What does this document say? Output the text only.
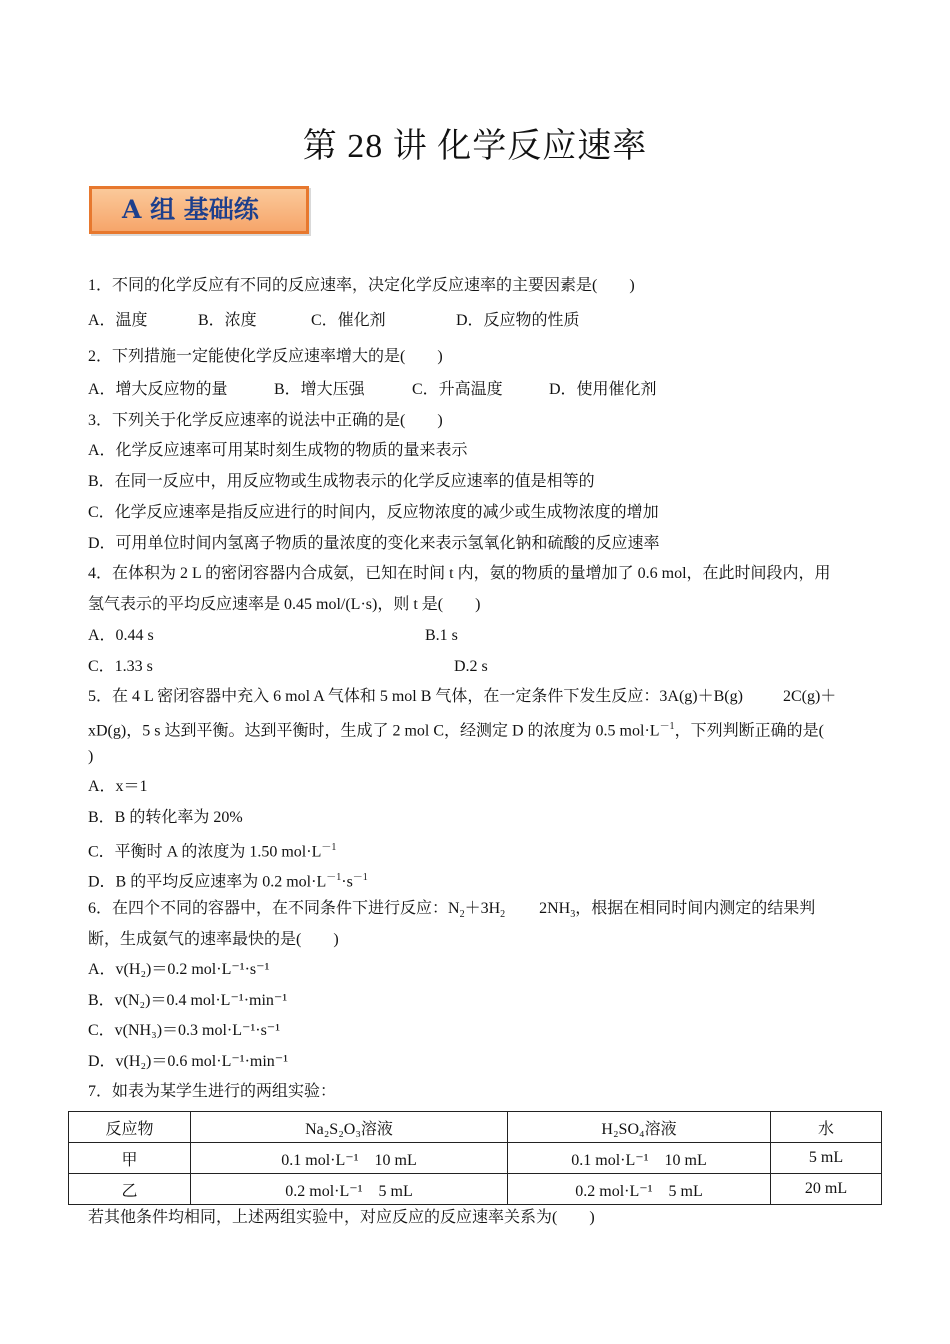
第 28 讲 化学反应速率
A 组 基础练
1．不同的化学反应有不同的反应速率，决定化学反应速率的主要因素是(　　)
A．温度	B．浓度	C．催化剂	D．反应物的性质
2．下列措施一定能使化学反应速率增大的是(　　)
A．增大反应物的量	B．增大压强	C．升高温度	D．使用催化剂
3．下列关于化学反应速率的说法中正确的是(　　)
A．化学反应速率可用某时刻生成物的物质的量来表示
B．在同一反应中，用反应物或生成物表示的化学反应速率的值是相等的
C．化学反应速率是指反应进行的时间内，反应物浓度的减少或生成物浓度的增加
D．可用单位时间内氢离子物质的量浓度的变化来表示氢氧化钠和硫酸的反应速率
4．在体积为 2 L 的密闭容器内合成氨，已知在时间 t 内，氨的物质的量增加了 0.6 mol，在此时间段内，用
氢气表示的平均反应速率是 0.45 mol/(L·s)，则 t 是(　　)
A．0.44 s	B.1 s
C．1.33 s	D.2 s
5．在 4 L 密闭容器中充入 6 mol A 气体和 5 mol B 气体，在一定条件下发生反应：3A(g)＋B(g)	2C(g)＋
xD(g)，5 s 达到平衡。达到平衡时，生成了 2 mol C，经测定 D 的浓度为 0.5 $mol\cdot L^{-1}$，下列判断正确的是(
)
A．x＝1
B．B 的转化率为 20%
C．平衡时 A 的浓度为 1.50 $mol\cdot L^{-1}$
D．B 的平均反应速率为 0.2 $mol\cdot L^{-1}\cdot s^{-1}$
6．在四个不同的容器中，在不同条件下进行反应：$N_2+3H_2$ $2NH_3$，根据在相同时间内测定的结果判
断，生成氨气的速率最快的是(　　)
A．v(H₂)＝0.2 mol·L⁻¹·s⁻¹
B．v(N₂)＝0.4 mol·L⁻¹·min⁻¹
C．v(NH₃)＝0.3 mol·L⁻¹·s⁻¹
D．v(H₂)＝0.6 mol·L⁻¹·min⁻¹
7．如表为某学生进行的两组实验：
反应物	Na₂S₂O₃溶液	H₂SO₄溶液	水
甲	0.1 mol·L⁻¹　10 mL	0.1 mol·L⁻¹　10 mL	5 mL
乙	0.2 mol·L⁻¹　5 mL	0.2 mol·L⁻¹　5 mL	20 mL
若其他条件均相同，上述两组实验中，对应反应的反应速率关系为(　　)
